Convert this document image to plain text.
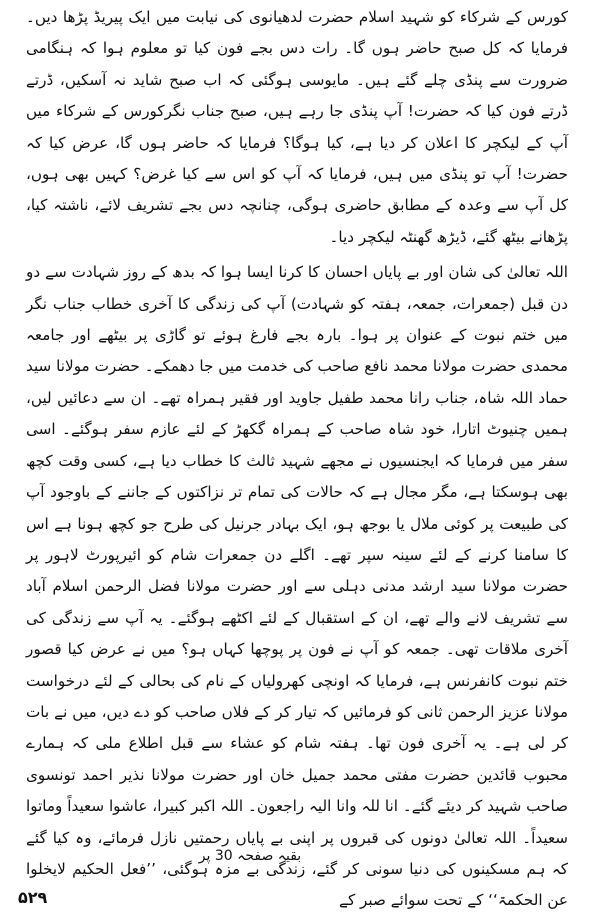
کورس کے شرکاء کو شہید اسلام حضرت لدھیانوی کی نیابت میں ایک پیریڈ پڑھا دیں۔ فرمایا کہ کل صبح حاضر ہوں گا۔ رات دس بجے فون کیا تو معلوم ہوا کہ ہنگامی ضرورت سے پنڈی چلے گئے ہیں۔ مایوسی ہوگئی کہ اب صبح شاید نہ آسکیں، ڈرتے ڈرتے فون کیا کہ حضرت! آپ پنڈی جا رہے ہیں، صبح جناب نگرکورس کے شرکاء میں آپ کے لیکچر کا اعلان کر دیا ہے، کیا ہوگا؟ فرمایا کہ حاضر ہوں گا، عرض کیا کہ حضرت! آپ تو پنڈی میں ہیں، فرمایا کہ آپ کو اس سے کیا غرض؟ کہیں بھی ہوں، کل آپ سے وعدہ کے مطابق حاضری ہوگی، چنانچہ دس بجے تشریف لائے، ناشتہ کیا، پڑھانے بیٹھ گئے، ڈیڑھ گھنٹہ لیکچر دیا۔

اللہ تعالیٰ کی شان اور بے پایاں احسان کا کرنا ایسا ہوا کہ بدھ کے روز شہادت سے دو دن قبل (جمعرات، جمعہ، ہفتہ کو شہادت) آپ کی زندگی کا آخری خطاب جناب نگر میں ختم نبوت کے عنوان پر ہوا۔ بارہ بجے فارغ ہوئے تو گاڑی پر بیٹھے اور جامعہ محمدی حضرت مولانا محمد نافع صاحب کی خدمت میں جا دھمکے۔ حضرت مولانا سید حماد اللہ شاہ، جناب رانا محمد طفیل جاوید اور فقیر ہمراہ تھے۔ ان سے دعائیں لیں، ہمیں چنیوٹ اتارا، خود شاہ صاحب کے ہمراہ گکھڑ کے لئے عازم سفر ہوگئے۔ اسی سفر میں فرمایا کہ ایجنسیوں نے مجھے شہید ثالث کا خطاب دیا ہے، کسی وقت کچھ بھی ہوسکتا ہے، مگر مجال ہے کہ حالات کی تمام تر نزاکتوں کے جاننے کے باوجود آپ کی طبیعت پر کوئی ملال یا بوجھ ہو، ایک بہادر جرنیل کی طرح جو کچھ ہونا ہے اس کا سامنا کرنے کے لئے سینہ سپر تھے۔ اگلے دن جمعرات شام کو ائیرپورٹ لاہور پر حضرت مولانا سید ارشد مدنی دہلی سے اور حضرت مولانا فضل الرحمن اسلام آباد سے تشریف لانے والے تھے، ان کے استقبال کے لئے اکٹھے ہوگئے۔ یہ آپ سے زندگی کی آخری ملاقات تھی۔ جمعہ کو آپ نے فون پر پوچھا کہاں ہو؟ میں نے عرض کیا قصور ختم نبوت کانفرنس ہے، فرمایا کہ اونچی کھرولیاں کے نام کی بحالی کے لئے درخواست مولانا عزیز الرحمن ثانی کو فرمائیں کہ تیار کر کے فلاں صاحب کو دے دیں، میں نے بات کر لی ہے۔ یہ آخری فون تھا۔ ہفتہ شام کو عشاء سے قبل اطلاع ملی کہ ہمارے محبوب قائدین حضرت مفتی محمد جمیل خان اور حضرت مولانا نذیر احمد تونسوی صاحب شہید کر دیئے گئے۔ انا للہ وانا الیہ راجعون۔ اللہ اکبر کبیرا، عاشوا سعیداً وماتوا سعیداً۔ اللہ تعالیٰ دونوں کی قبروں پر اپنی بے پایاں رحمتیں نازل فرمائے، وہ کیا گئے کہ ہم مسکینوں کی دنیا سونی کر گئے، زندگی بے مزہ ہوگئی، ’’فعل الحکیم لایخلوا عن الحکمۃ‘‘ کے تحت سوائے صبر کے

بقیہ صفحہ 30 پر
۵۲۹
